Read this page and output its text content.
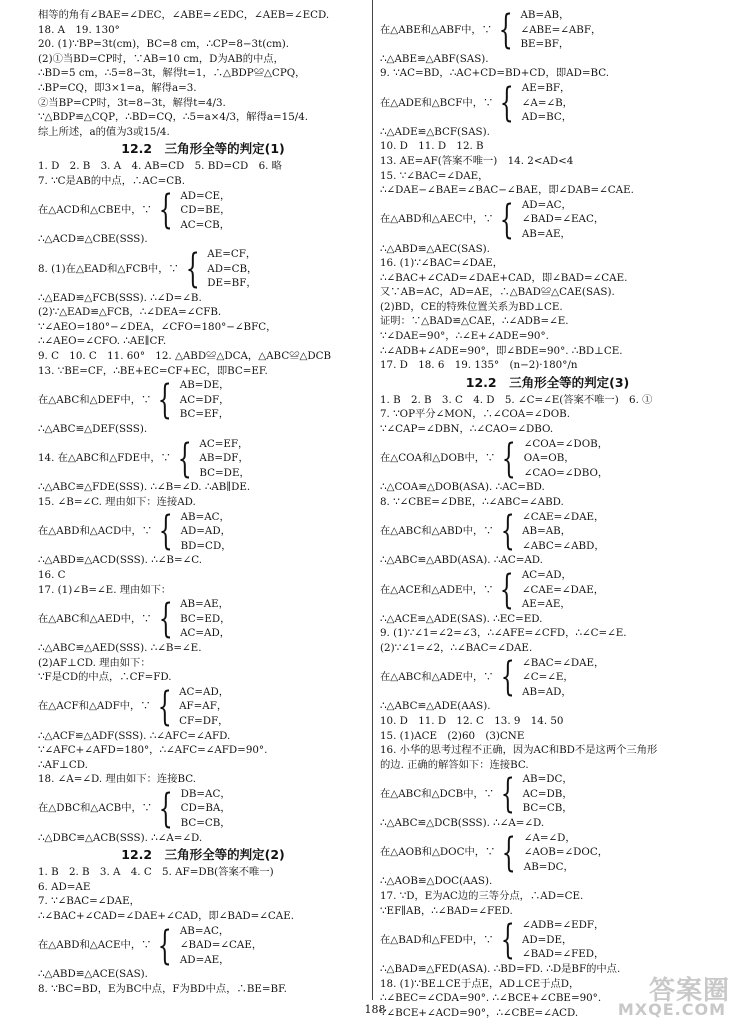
相等的角有∠BAE=∠DEC，∠ABE=∠EDC，∠AEB=∠ECD.
18. A　19. 130°
20. (1)∵BP=3t(cm)，BC=8 cm，∴CP=8−3t(cm).
(2)①当BD=CP时，∵AB=10 cm，D为AB的中点，
∴BD=5 cm，∴5=8−3t，解得t=1，∴△BDP≌△CPQ，
∴BP=CQ，即3×1=a，解得a=3.
②当BP=CP时，3t=8−3t，解得t=4/3.
∵△BDP≌△CQP，∴BD=CQ，∴5=a×4/3，解得a=15/4.
综上所述，a的值为3或15/4.
12.2　三角形全等的判定(1)
1. D　2. B　3. A　4. AB=CD　5. BD=CD　6. 略
7. ∵C是AB的中点，∴AC=CB.
在△ACD和△CBE中，∵ { AD=CE，
CD=BE，
AC=CB，
∴△ACD≌△CBE(SSS).
8. (1)在△EAD和△FCB中，∵ { AE=CF，
AD=CB，
DE=BF，
∴△EAD≌△FCB(SSS). ∴∠D=∠B.
(2)∵△EAD≌△FCB，∴∠DEA=∠CFB.
∵∠AEO=180°−∠DEA，∠CFO=180°−∠BFC，
∴∠AEO=∠CFO. ∴AE∥CF.
9. C　10. C　11. 60°　12. △ABD≌△DCA，△ABC≌△DCB
13. ∵BE=CF，∴BE+EC=CF+EC，即BC=EF.
在△ABC和△DEF中，∵ { AB=DE，
AC=DF，
BC=EF，
∴△ABC≌△DEF(SSS).
14. 在△ABC和△FDE中，∵ { AC=EF，
AB=DF，
BC=DE，
∴△ABC≌△FDE(SSS). ∴∠B=∠D. ∴AB∥DE.
15. ∠B=∠C. 理由如下：连接AD.
在△ABD和△ACD中，∵ { AB=AC，
AD=AD，
BD=CD，
∴△ABD≌△ACD(SSS). ∴∠B=∠C.
16. C
17. (1)∠B=∠E. 理由如下：
在△ABC和△AED中，∵ { AB=AE，
BC=ED，
AC=AD，
∴△ABC≌△AED(SSS). ∴∠B=∠E.
(2)AF⊥CD. 理由如下：
∵F是CD的中点，∴CF=FD.
在△ACF和△ADF中，∵ { AC=AD，
AF=AF，
CF=DF，
∴△ACF≌△ADF(SSS). ∴∠AFC=∠AFD.
∵∠AFC+∠AFD=180°，∴∠AFC=∠AFD=90°.
∴AF⊥CD.
18. ∠A=∠D. 理由如下：连接BC.
在△DBC和△ACB中，∵ { DB=AC，
CD=BA，
BC=CB，
∴△DBC≌△ACB(SSS). ∴∠A=∠D.
12.2　三角形全等的判定(2)
1. B　2. B　3. A　4. C　5. AF=DB(答案不唯一)
6. AD=AE
7. ∵∠BAC=∠DAE，
∴∠BAC+∠CAD=∠DAE+∠CAD，即∠BAD=∠CAE.
在△ABD和△ACE中，∵ { AB=AC，
∠BAD=∠CAE，
AD=AE，
∴△ABD≌△ACE(SAS).
8. ∵BC=BD，E为BC中点，F为BD中点，∴BE=BF.
在△ABE和△ABF中，∵ { AB=AB，
∠ABE=∠ABF，
BE=BF，
∴△ABE≌△ABF(SAS).
9. ∵AC=BD，∴AC+CD=BD+CD，即AD=BC.
在△ADE和△BCF中，∵ { AE=BF，
∠A=∠B，
AD=BC，
∴△ADE≌△BCF(SAS).
10. D　11. D　12. B
13. AE=AF(答案不唯一)　14. 2<AD<4
15. ∵∠BAC=∠DAE，
∴∠DAE−∠BAE=∠BAC−∠BAE，即∠DAB=∠CAE.
在△ABD和△AEC中，∵ { AD=AC，
∠BAD=∠EAC，
AB=AE，
∴△ABD≌△AEC(SAS).
16. (1)∵∠BAC=∠DAE，
∴∠BAC+∠CAD=∠DAE+CAD，即∠BAD=∠CAE.
又∵AB=AC，AD=AE，∴△BAD≌△CAE(SAS).
(2)BD，CE的特殊位置关系为BD⊥CE.
证明：∵△BAD≌△CAE，∴∠ADB=∠E.
∵∠DAE=90°，∴∠E+∠ADE=90°.
∴∠ADB+∠ADE=90°，即∠BDE=90°. ∴BD⊥CE.
17. D　18. 6　19. 135°　(n−2)·180°/n
12.2　三角形全等的判定(3)
1. B　2. B　3. C　4. D　5. ∠C=∠E(答案不唯一)　6. ①
7. ∵OP平分∠MON，∴∠COA=∠DOB.
∵∠CAP=∠DBN，∴∠CAO=∠DBO.
在△COA和△DOB中，∵ { ∠COA=∠DOB，
OA=OB，
∠CAO=∠DBO，
∴△COA≌△DOB(ASA). ∴AC=BD.
8. ∵∠CBE=∠DBE，∴∠ABC=∠ABD.
在△ABC和△ABD中，∵ { ∠CAE=∠DAE，
AB=AB，
∠ABC=∠ABD，
∴△ABC≌△ABD(ASA). ∴AC=AD.
在△ACE和△ADE中，∵ { AC=AD，
∠CAE=∠DAE，
AE=AE，
∴△ACE≌△ADE(SAS). ∴EC=ED.
9. (1)∵∠1=∠2=∠3，∴∠AFE=∠CFD，∴∠C=∠E.
(2)∵∠1=∠2，∴∠BAC=∠DAE.
在△ABC和△ADE中，∵ { ∠BAC=∠DAE，
∠C=∠E，
AB=AD，
∴△ABC≌△ADE(AAS).
10. D　11. D　12. C　13. 9　14. 50
15. (1)ACE　(2)60　(3)CNE
16. 小华的思考过程不正确，因为AC和BD不是这两个三角形
的边. 正确的解答如下：连接BC.
在△ABC和△DCB中，∵ { AB=DC，
AC=DB，
BC=CB，
∴△ABC≌△DCB(SSS). ∴∠A=∠D.
在△AOB和△DOC中，∵ { ∠A=∠D，
∠AOB=∠DOC，
AB=DC，
∴△AOB≌△DOC(AAS).
17. ∵D，E为AC边的三等分点，∴AD=CE.
∵EF∥AB，∴∠BAD=∠FED.
在△BAD和△FED中，∵ { ∠ADB=∠EDF，
AD=DE，
∠BAD=∠FED，
∴△BAD≌△FED(ASA). ∴BD=FD. ∴D是BF的中点.
18. (1)∵BE⊥CE于点E，AD⊥CE于点D，
∴∠BEC=∠CDA=90°. ∴∠BCE+∠CBE=90°.
∵∠BCE+∠ACD=90°，∴∠CBE=∠ACD.
188
答案圈
MXQE.COM
